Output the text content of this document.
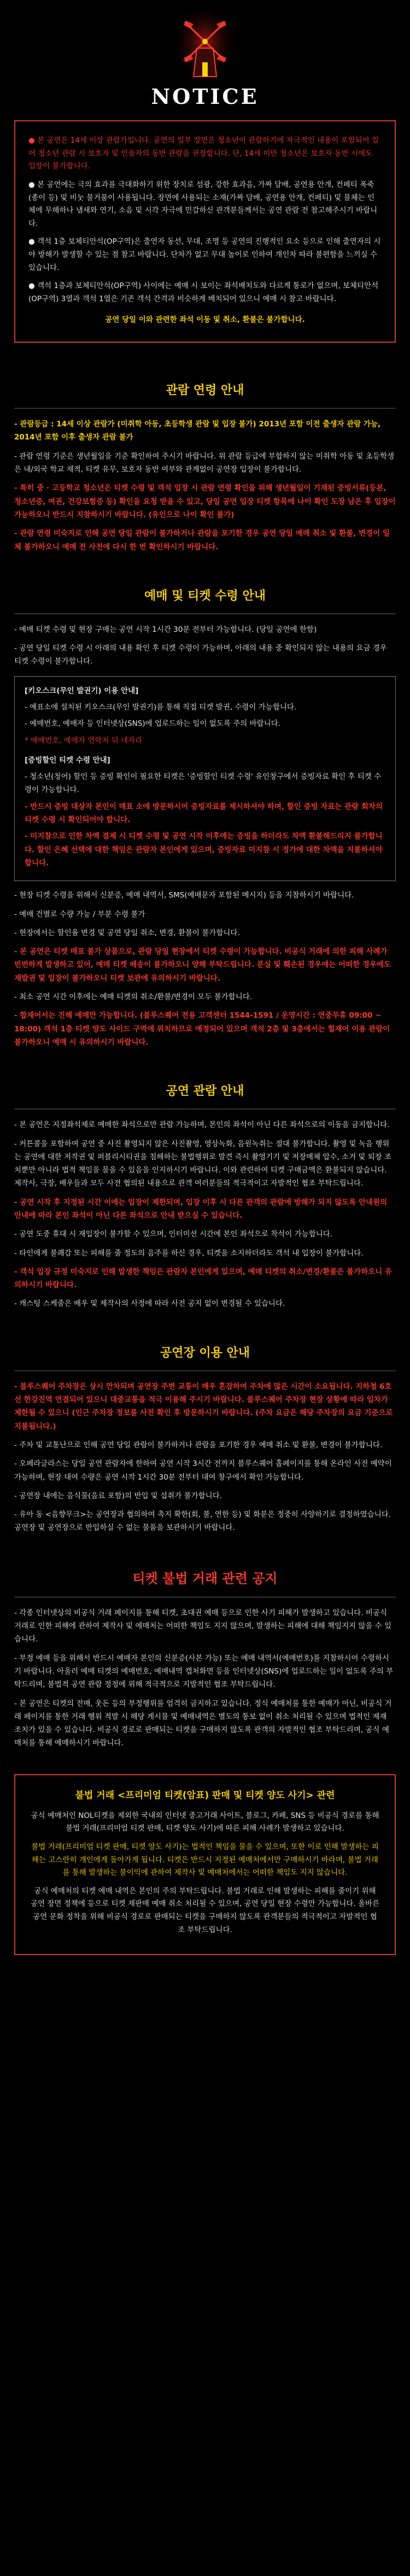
NOTICE

● 본 공연은 14세 이상 관람가입니다. 공연의 일부 장면은 청소년이 관람하기에 자극적인 내용이 포함되어 있어 청소년 관람 시 보호자 및 인솔자의 동반 관람을 권장합니다. 단, 14세 미만 청소년은 보호자 동반 시에도 입장이 불가합니다.

● 본 공연에는 극의 효과를 극대화하기 위한 장치로 섬광, 강한 효과음, 가짜 담배, 공연용 안개, 컨페티 폭죽(종이 등) 및 비눗 물거품이 사용됩니다. 장면에 사용되는 소재(가짜 담배, 공연용 안개, 컨페티) 및 물체는 인체에 무해하나 냄새와 연기, 소음 및 시각 자극에 민감하신 관객분들께서는 공연 관람 전 참고해주시기 바랍니다.

● 객석 1층 보체티안석(OP구역)은 출연자 동선, 무대, 조명 등 공연의 진행적인 요소 등으로 인해 출연자의 시야 방해가 발생할 수 있는 점 참고 바랍니다. 단차가 없고 무대 높이로 인하여 개인차 따라 불편함을 느끼실 수 있습니다.

● 객석 1층과 보체티안석(OP구역) 사이에는 예매 시 보이는 좌석배치도와 다르게 통로가 없으며, 보체티안석(OP구역) 3열과 객석 1열은 기존 객석 간격과 비슷하게 배치되어 있으니 예매 시 참고 바랍니다.

공연 당일 이와 관련한 좌석 이동 및 취소, 환불은 불가합니다.

관람 연령 안내

- 관람등급 : 14세 이상 관람가 (미취학 아동, 초등학생 관람 및 입장 불가) 2013년 포함 이전 출생자 관람 가능, 2014년 포함 이후 출생자 관람 불가

- 관람 연령 기준은 생년월일을 기준 확인하여 주시기 바랍니다. 위 관람 등급에 부합하지 않는 미취학 아동 및 초등학생은 내/외국 학교 재적, 티켓 유무, 보호자 동반 여부와 관계없이 공연장 입장이 불가합니다.

- 특히 중 · 고등학교 청소년은 티켓 수령 및 객석 입장 시 관람 연령 확인을 위해 생년월일이 기재된 증빙서류(등본, 청소년증, 여권, 건강보험증 등) 확인을 요청 받을 수 있고, 당일 공연 입장 티켓 항목에 나이 확인 도장 남은 후 입장이 가능하오니 반드시 지참하시기 바랍니다. (유인으로 나이 확인 불가)

- 관람 연령 미숙지로 인해 공연 당일 관람이 불가하거나 관람을 포기한 경우 공연 당일 예매 취소 및 환불, 변경이 일체 불가하오니 예매 전 사전에 다시 한 번 확인하시기 바랍니다.

예매 및 티켓 수령 안내

- 예매 티켓 수령 및 현장 구매는 공연 시작 1시간 30분 전부터 가능합니다. (당일 공연에 한함)

- 공연 당일 티켓 수령 시 아래의 내용 확인 후 티켓 수령이 가능하며, 아래의 내용 중 확인되지 않는 내용의 요금 경우 티켓 수령이 불가합니다.

[키오스크(무인 발권기) 이용 안내]

- 예표소에 설치된 키오스크(무인 발권기)를 통해 직접 티켓 발권, 수령이 가능합니다.

- 예매번호, 예매자 등 인터넷상(SNS)에 업로드하는 일이 없도록 주의 바랍니다.

* 예매번호, 예매자 연락처 뒤 네자리

[증빙할인 티켓 수령 안내]

- 청소년(청어) 할인 등 증빙 확인이 필요한 티켓은 '증빙할인 티켓 수령' 유인창구에서 증빙자료 확인 후 티켓 수령이 가능합니다.

- 반드시 증빙 대상자 본인이 매표 소에 방문하시어 증빙자료를 제시하셔야 하며, 할인 증빙 자료는 관람 회차의 티켓 수령 시 확인되어야 합니다.

- 미지참으로 인한 차액 결제 시 티켓 수령 및 공연 시작 이후에는 증빙을 하더라도 차액 환불해드리지 불가합니다. 할인 은혜 선택에 대한 책임은 관람자 본인에게 있으며, 증빙자료 미지참 시 정가에 대한 차액을 지불하셔야 합니다.

- 현장 티켓 수령을 위해서 신분증, 예매 내역서, SMS(예매문자 포함된 메시지) 등을 지참하시기 바랍니다.

- 예매 건별로 수량 가능 / 부분 수령 불가

- 현장에서는 할인율 변경 및 공연 당일 취소, 변경, 환불이 불가합니다.

- 본 공연은 티켓 매표 불가 상품으로, 관람 당일 현장에서 티켓 수령이 가능합니다. 비공식 거래에 의한 피해 사례가 빈번하게 발생하고 있어, 예매 티켓 배송이 불가하오니 양해 부탁드립니다. 분실 및 훼손된 경우에는 어떠한 경우에도 재발권 및 입장이 불가하오니 티켓 보관에 유의하시기 바랍니다.

- 최소 공연 시간 이후에는 예매 티켓의 취소/환불/변경이 모두 불가합니다.

- 합재어서는 진해 예매만 가능합니다. (블루스퀘어 전용 고객센터 1544-1591 / 운영시간 : 연중무휴 09:00 ~ 18:00) 객석 1층 티켓 양도 사이드 구역에 위치하므로 예정되어 있으며 객석 2층 및 3층에서는 힐재어 이용 관람이 불가하오니 예매 시 유의하시기 바랍니다.

공연 관람 안내

- 본 공연은 지정좌석제로 예매한 좌석으로만 관람 가능하며, 본인의 좌석이 아닌 다른 좌석으로의 이동을 금지합니다.

- 커튼콜을 포함하여 공연 중 사진 촬영되지 않은 사진촬영, 영상녹화, 음원녹취는 절대 불가합니다. 촬영 및 녹음 행위는 공연에 대한 저작권 및 퍼블리시티권을 침해하는 불법행위로 발견 즉시 촬영기기 및 저장매체 압수, 소거 및 퇴장 조치뿐만 아니라 법적 책임을 물을 수 있음을 인지하시기 바랍니다. 이와 관련하여 티켓 구매금액은 환불되지 않습니다. 제작사, 극장, 배우들과 모두 사전 협의된 내용으로 관객 여러분들의 적극적이고 자발적인 협조 부탁드립니다.

- 공연 시작 후 지정된 시간 이에는 입장이 제한되며, 입장 이후 시 다른 관객의 관람에 방해가 되지 않도록 안내원의 안내에 따라 본인 좌석이 아닌 다른 좌석으로 안내 받으실 수 있습니다.

- 공연 도중 휴대 시 재입장이 불가할 수 있으며, 인터미션 시간에 본인 좌석으로 착석이 가능합니다.

- 타인에게 불쾌감 또는 피해를 줄 정도의 음주를 하신 경우, 티켓을 소지하더라도 객석 내 입장이 불가합니다.

- 객석 입장 규정 미숙지로 인해 발생한 책임은 관람자 본인에게 있으며, 예매 티켓의 취소/변경/환불은 불가하오니 유의하시기 바랍니다.

- 캐스팅 스케줄은 배우 및 제작사의 사정에 따라 사전 공지 없이 변경될 수 있습니다.

공연장 이용 안내

- 블루스퀘어 주차장은 상시 만차되며 공연장 주변 교통이 매우 혼잡하여 주차에 많은 시간이 소요됩니다. 지하철 6호선 한강진역 연결되어 있으니 대중교통을 적극 이용해 주시기 바랍니다. 블루스퀘어 주차장 현장 상황에 따라 입차가 제한될 수 있으니 (인근 주차장 정보를 사전 확인 후 방문하시기 바랍니다. (주차 요금은 해당 주차장의 요금 기준으로 지불됩니다.)

- 주차 및 교통난으로 인해 공연 당일 관람이 불가하거나 관람을 포기한 경우 예매 취소 및 환불, 변경이 불가합니다.

- 오페라글라스는 당일 공연 관람자에 한하여 공연 시작 3시간 전까지 블루스퀘어 홀페이지를 통해 온라인 사전 예약이 가능하며, 현장 대여 수량은 공연 시작 1시간 30분 전부터 대여 창구에서 확인 가능합니다.

- 공연장 내에는 음식물(음료 포함)의 반입 및 섭취가 불가합니다.

- 유아 동 <음향무크>는 공연장과 협의하여 촉지 확한(회, 불, 연한 등) 및 화분은 정중히 사양하기로 결정하였습니다. 공연장 및 공연장으로 반입하실 수 없는 물품을 보관하시기 바랍니다.

티켓 불법 거래 관련 공지

- 각종 인터넷상의 비공식 거래 페이지를 통해 티켓, 초대권 예매 등으로 인한 사기 피해가 발생하고 있습니다. 비공식 거래로 인한 피해에 관하여 제작사 및 예매처는 어떠한 책임도 지지 않으며, 발생하는 피해에 대해 책임지지 않을 수 있습니다.

- 부정 예매 등을 위해서 반드시 예매자 본인의 신분증(사본 가능) 또는 예매 내역서(예매번호)를 지참하시어 수령하시기 바랍니다. 아울러 예매 티켓의 예매번호, 예매내역 캡처화면 등을 인터넷상(SNS)에 업로드하는 일이 없도록 주의 부탁드리며, 불법적 공연 관람 정정에 위해 적극적으로 지발적인 협조 부탁드립니다.

- 본 공연은 티켓의 전매, 웃돈 등의 부정행위를 엄격히 금지하고 있습니다. 정식 예매처를 통한 예매가 아닌, 비공식 거래 페이지를 통한 거래 행위 적발 시 해당 게시물 및 예매내역은 별도의 통보 없이 취소 처리될 수 있으며 법적인 제재 조치가 있을 수 있습니다. 비공식 경로로 판매되는 티켓을 구매하지 않도록 관객의 자발적인 협조 부탁드리며, 공식 예매처를 통해 예매하시기 바랍니다.

불법 거래 <프리미엄 티켓(암표) 판매 및 티켓 양도 사기> 관련

공식 예매처인 NOL티켓을 제외한 국내외 인터넷 중고거래 사이트, 블로그, 카페, SNS 등 비공식 경로를 통해 불법 거래(프리미엄 티켓 판매, 티켓 양도 사기)에 따른 피해 사례가 발생하고 있습니다.

불법 거래(프리미엄 티켓 판매, 티켓 양도 사기)는 법적인 책임을 물을 수 있으며, 또한 이로 인해 발생하는 피해는 고스란히 개인에게 돌아가게 됩니다. 티켓은 반드시 지정된 예매처에서만 구매하시기 바라며, 불법 거래를 통해 발생하는 불이익에 관하여 제작사 및 예매처에서는 어떠한 책임도 지지 않습니다.

공식 예매처의 티켓 예매 내역은 본인의 주의 부탁드립니다. 불법 거래로 인해 발생하는 피해를 줄이기 위해 공연 장면 정책에 등으로 티켓 재판매 예매 취소 처리될 수 있으며, 공연 당일 현장 수령만 가능합니다. 올바른 공연 문화 정착을 위해 비공식 경로로 판매되는 티켓을 구매하지 않도록 관객분들의 적극적이고 자발적인 협조 부탁드립니다.
